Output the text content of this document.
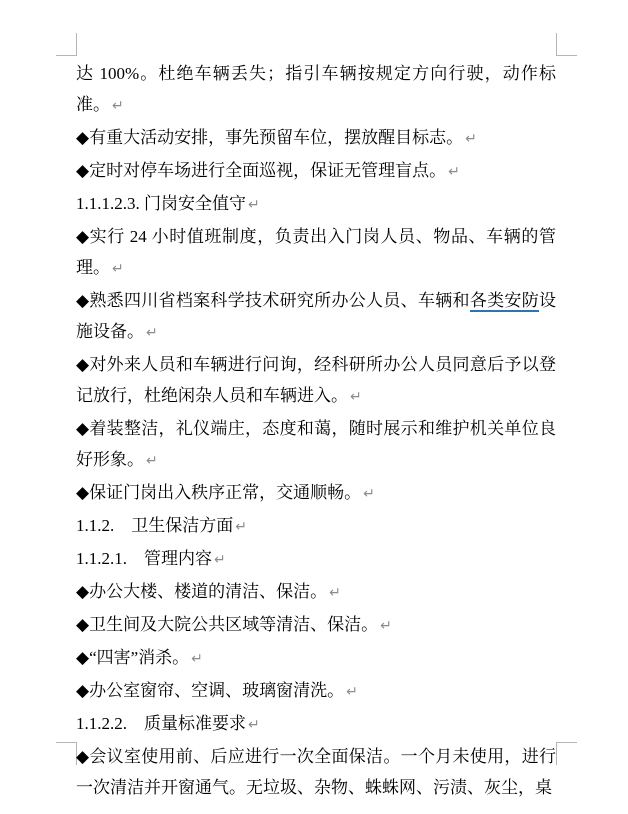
达 100%。杜绝车辆丢失；指引车辆按规定方向行驶，动作标准。 ↵

◆有重大活动安排，事先预留车位，摆放醒目标志。 ↵

◆定时对停车场进行全面巡视，保证无管理盲点。 ↵

1.1.1.2.3. 门岗安全值守 ↵

◆实行 24 小时值班制度，负责出入门岗人员、物品、车辆的管理。 ↵

◆熟悉四川省档案科学技术研究所办公人员、车辆和各类安防设施设备。 ↵

◆对外来人员和车辆进行问询，经科研所办公人员同意后予以登记放行，杜绝闲杂人员和车辆进入。 ↵

◆着装整洁，礼仪端庄，态度和蔼，随时展示和维护机关单位良好形象。 ↵

◆保证门岗出入秩序正常，交通顺畅。 ↵

1.1.2.　卫生保洁方面 ↵

1.1.2.1.　管理内容 ↵

◆办公大楼、楼道的清洁、保洁。 ↵

◆卫生间及大院公共区域等清洁、保洁。 ↵

◆“四害”消杀。 ↵

◆办公室窗帘、空调、玻璃窗清洗。 ↵

1.1.2.2.　质量标准要求 ↵

◆会议室使用前、后应进行一次全面保洁。一个月未使用，进行一次清洁并开窗通气。无垃圾、杂物、蛛蛛网、污渍、灰尘，桌
